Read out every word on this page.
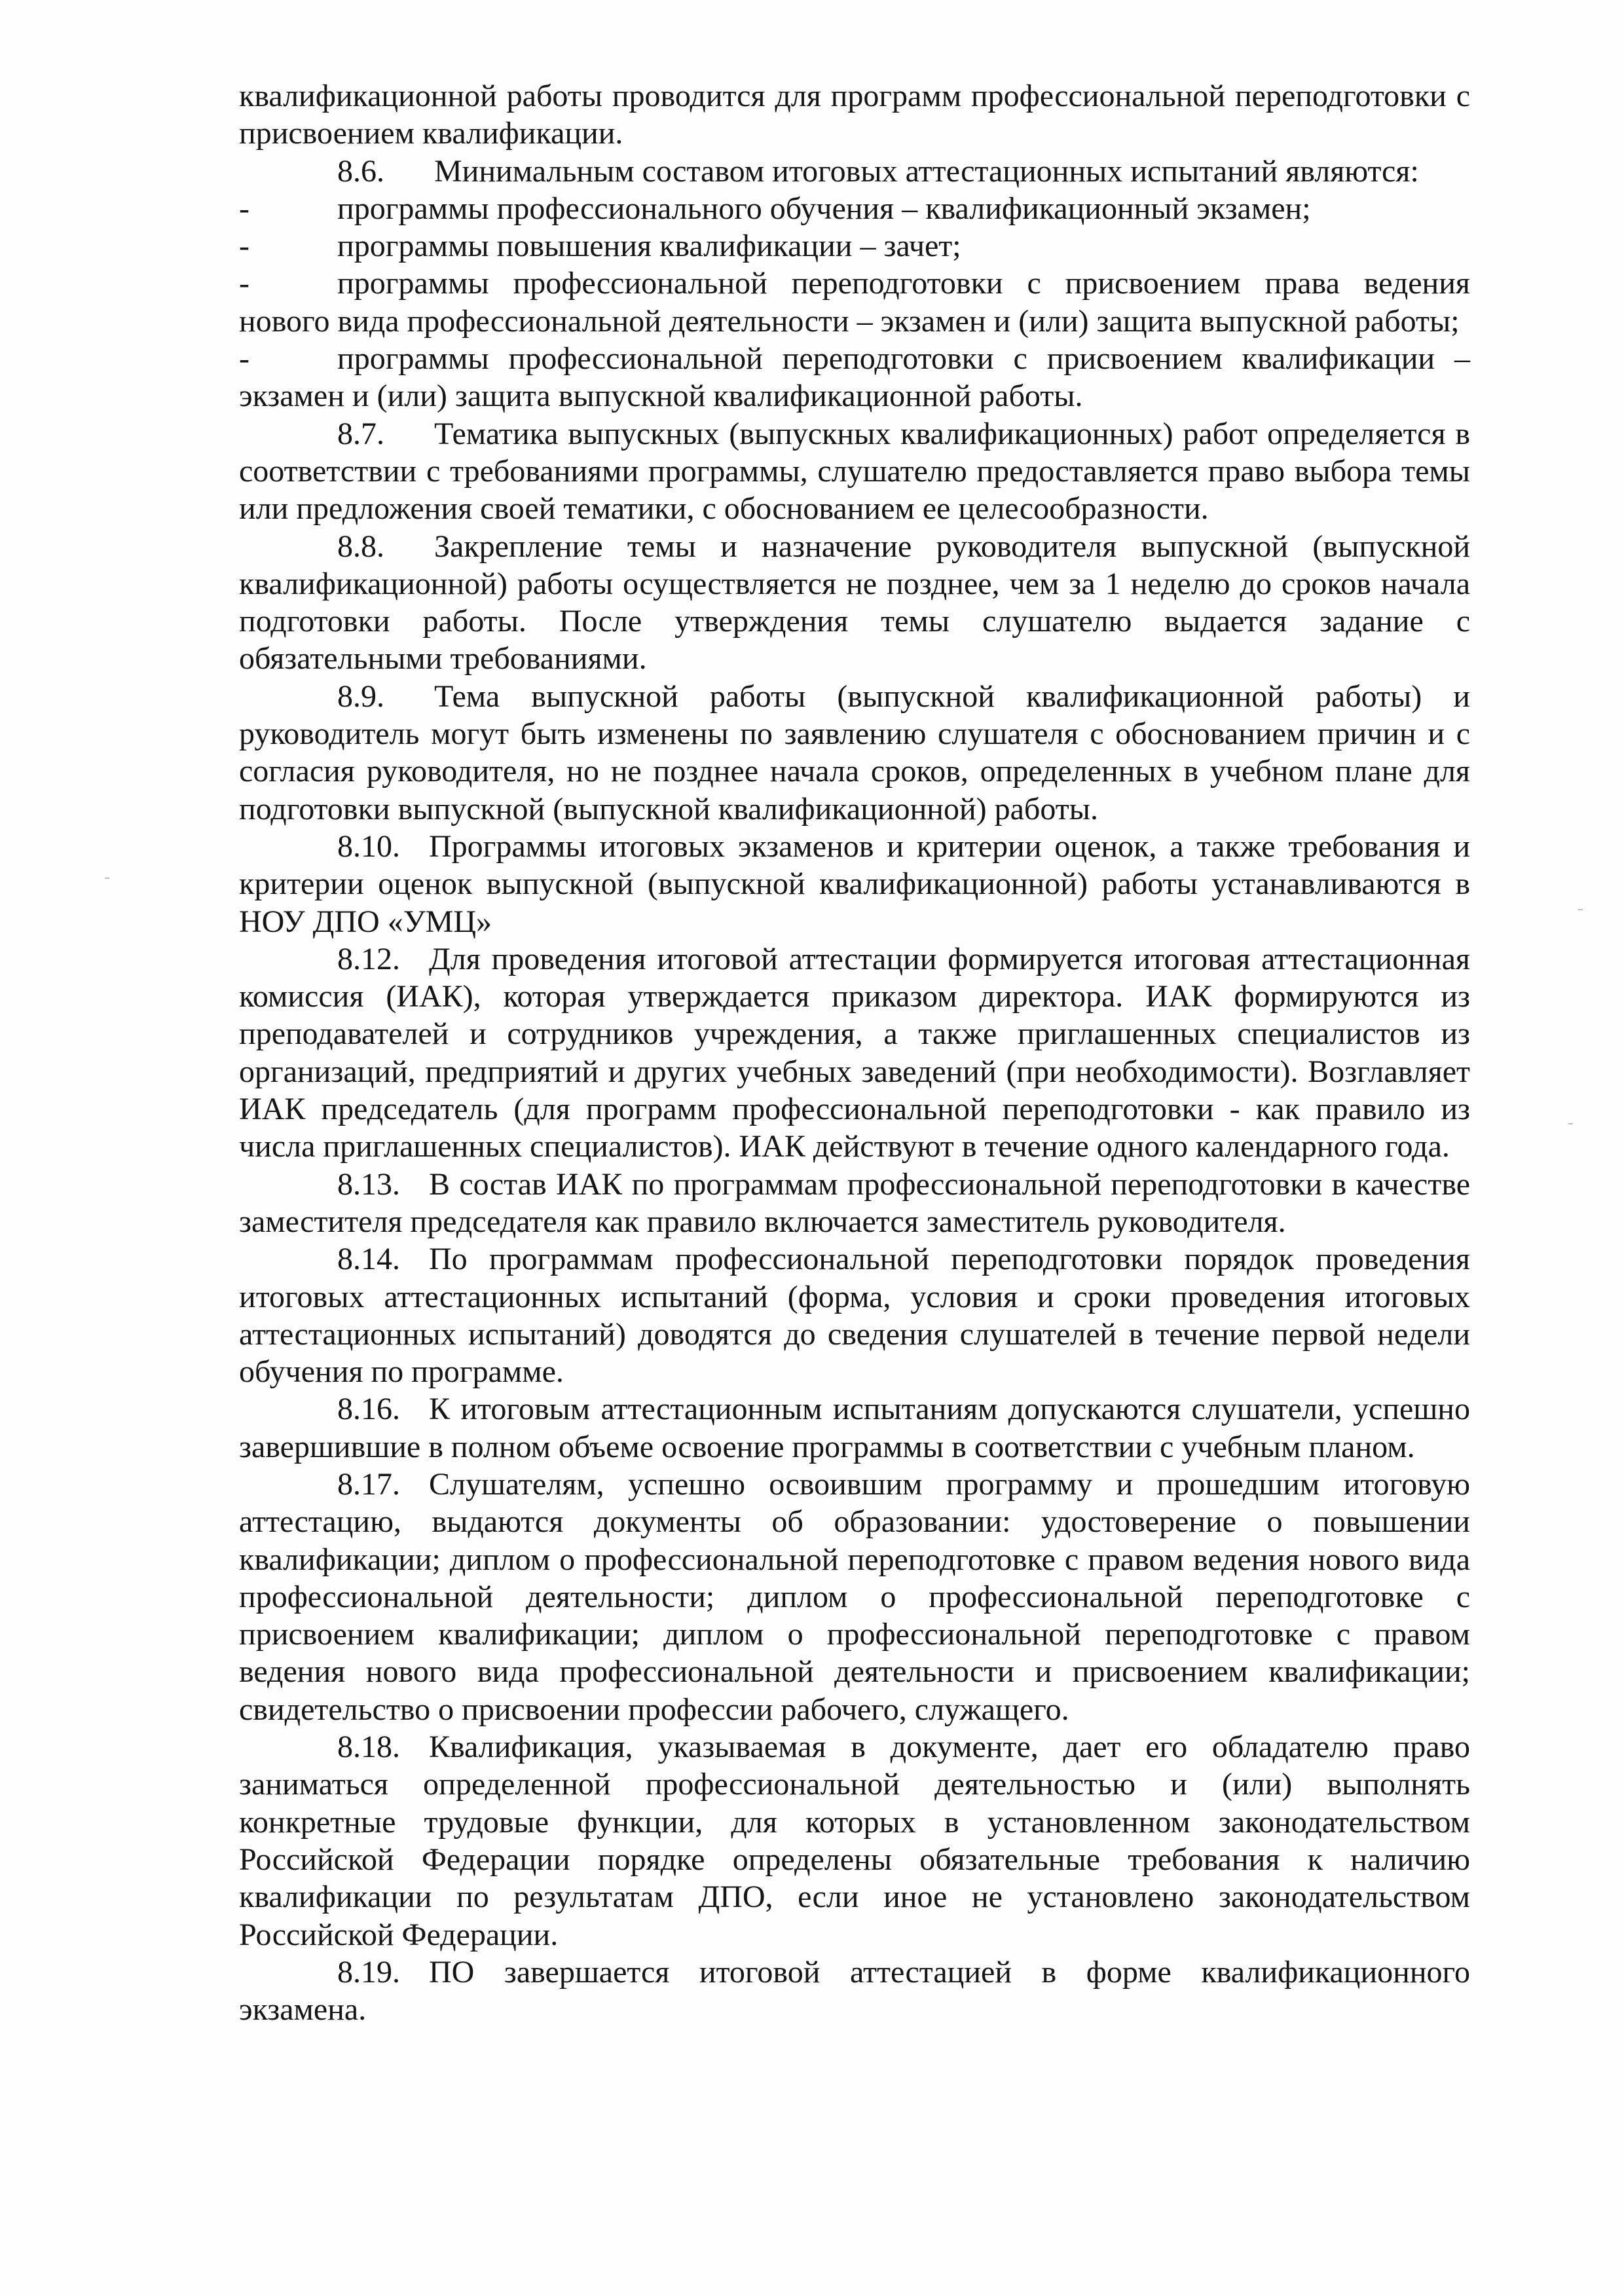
квалификационной работы проводится для программ профессиональной переподготовки с присвоением квалификации.

8.6. Минимальным составом итоговых аттестационных испытаний являются:

-	программы профессионального обучения – квалификационный экзамен;

-	программы повышения квалификации – зачет;

-	программы профессиональной переподготовки с присвоением права ведения нового вида профессиональной деятельности – экзамен и (или) защита выпускной работы;

-	программы профессиональной переподготовки с присвоением квалификации – экзамен и (или) защита выпускной квалификационной работы.

8.7. Тематика выпускных (выпускных квалификационных) работ определяется в соответствии с требованиями программы, слушателю предоставляется право выбора темы или предложения своей тематики, с обоснованием ее целесообразности.

8.8. Закрепление темы и назначение руководителя выпускной (выпускной квалификационной) работы осуществляется не позднее, чем за 1 неделю до сроков начала подготовки работы. После утверждения темы слушателю выдается задание с обязательными требованиями.

8.9. Тема выпускной работы (выпускной квалификационной работы) и руководитель могут быть изменены по заявлению слушателя с обоснованием причин и с согласия руководителя, но не позднее начала сроков, определенных в учебном плане для подготовки выпускной (выпускной квалификационной) работы.

8.10. Программы итоговых экзаменов и критерии оценок, а также требования и критерии оценок выпускной (выпускной квалификационной) работы устанавливаются в НОУ ДПО «УМЦ»

8.12. Для проведения итоговой аттестации формируется итоговая аттестационная комиссия (ИАК), которая утверждается приказом директора. ИАК формируются из преподавателей и сотрудников учреждения, а также приглашенных специалистов из организаций, предприятий и других учебных заведений (при необходимости). Возглавляет ИАК председатель (для программ профессиональной переподготовки - как правило из числа приглашенных специалистов). ИАК действуют в течение одного календарного года.

8.13. В состав ИАК по программам профессиональной переподготовки в качестве заместителя председателя как правило включается заместитель руководителя.

8.14. По программам профессиональной переподготовки порядок проведения итоговых аттестационных испытаний (форма, условия и сроки проведения итоговых аттестационных испытаний) доводятся до сведения слушателей в течение первой недели обучения по программе.

8.16. К итоговым аттестационным испытаниям допускаются слушатели, успешно завершившие в полном объеме освоение программы в соответствии с учебным планом.

8.17. Слушателям, успешно освоившим программу и прошедшим итоговую аттестацию, выдаются документы об образовании: удостоверение о повышении квалификации; диплом о профессиональной переподготовке с правом ведения нового вида профессиональной деятельности; диплом о профессиональной переподготовке с присвоением квалификации; диплом о профессиональной переподготовке с правом ведения нового вида профессиональной деятельности и присвоением квалификации; свидетельство о присвоении профессии рабочего, служащего.

8.18. Квалификация, указываемая в документе, дает его обладателю право заниматься определенной профессиональной деятельностью и (или) выполнять конкретные трудовые функции, для которых в установленном законодательством Российской Федерации порядке определены обязательные требования к наличию квалификации по результатам ДПО, если иное не установлено законодательством Российской Федерации.

8.19. ПО завершается итоговой аттестацией в форме квалификационного экзамена.
